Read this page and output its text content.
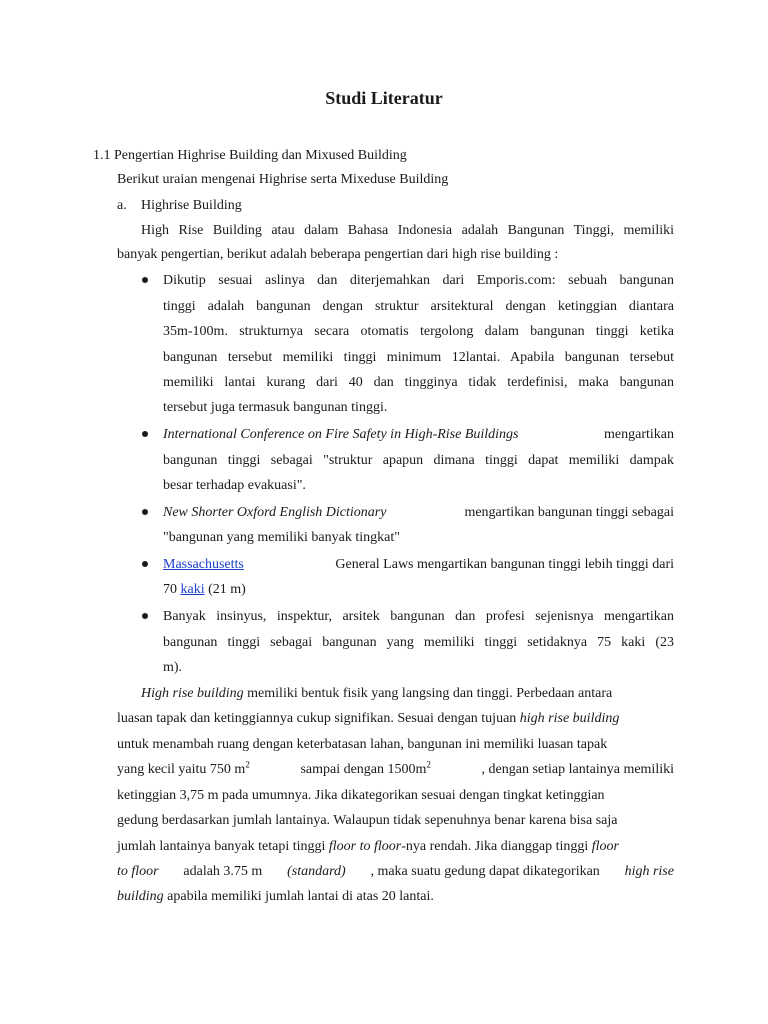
Studi Literatur
1.1 Pengertian Highrise Building dan Mixused Building
Berikut uraian mengenai Highrise serta Mixeduse Building
a. Highrise Building
High Rise Building atau dalam Bahasa Indonesia adalah Bangunan Tinggi, memiliki
banyak pengertian, berikut adalah beberapa pengertian dari high rise building :
Dikutip sesuai aslinya dan diterjemahkan dari Emporis.com: sebuah bangunan
tinggi adalah bangunan dengan struktur arsitektural dengan ketinggian diantara
35m-100m. strukturnya secara otomatis tergolong dalam bangunan tinggi ketika
bangunan tersebut memiliki tinggi minimum 12lantai. Apabila bangunan tersebut
memiliki lantai kurang dari 40 dan tingginya tidak terdefinisi, maka bangunan
tersebut juga termasuk bangunan tinggi.
International Conference on Fire Safety in High-Rise Buildings	mengartikan
bangunan tinggi sebagai "struktur apapun dimana tinggi dapat memiliki dampak
besar terhadap evakuasi".
New Shorter Oxford English Dictionary	mengartikan bangunan tinggi sebagai
"bangunan yang memiliki banyak tingkat"
Massachusetts	General Laws mengartikan bangunan tinggi lebih tinggi dari
70 kaki (21 m)
Banyak insinyus, inspektur, arsitek bangunan dan profesi sejenisnya mengartikan
bangunan tinggi sebagai bangunan yang memiliki tinggi setidaknya 75 kaki (23
m).
High rise building memiliki bentuk fisik yang langsing dan tinggi. Perbedaan antara
luasan tapak dan ketinggiannya cukup signifikan. Sesuai dengan tujuan high rise building
untuk menambah ruang dengan keterbatasan lahan, bangunan ini memiliki luasan tapak
yang kecil yaitu 750 $m^2$	sampai dengan $1500m^2$	, dengan setiap lantainya memiliki
ketinggian 3,75 m pada umumnya. Jika dikategorikan sesuai dengan tingkat ketinggian
gedung berdasarkan jumlah lantainya. Walaupun tidak sepenuhnya benar karena bisa saja
jumlah lantainya banyak tetapi tinggi floor to floor-nya rendah. Jika dianggap tinggi floor
to floor adalah 3.75 m (standard) , maka suatu gedung dapat dikategorikan high rise
building apabila memiliki jumlah lantai di atas 20 lantai.
